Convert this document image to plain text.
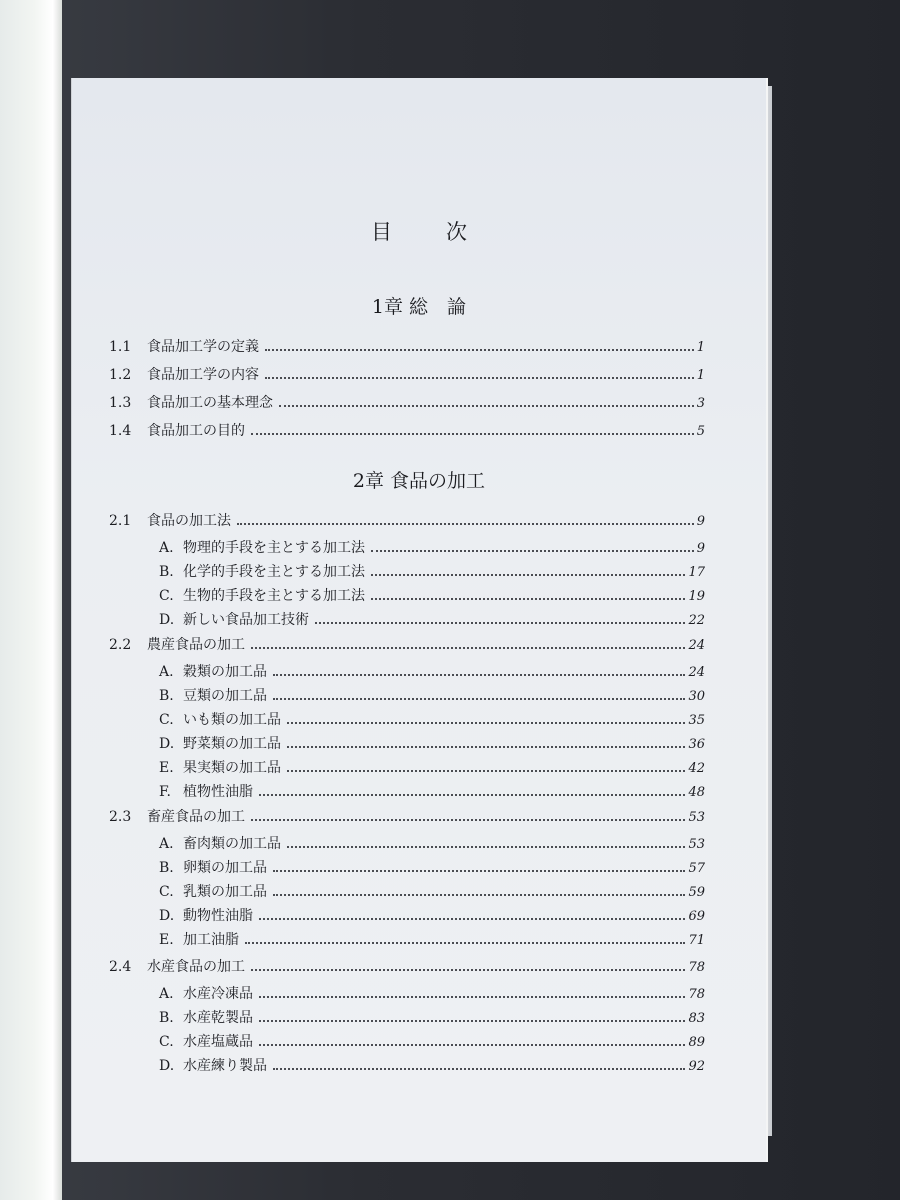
目次
1章 総　論
1.1	食品加工学の定義	1
1.2	食品加工学の内容	1
1.3	食品加工の基本理念	3
1.4	食品加工の目的	5
2章 食品の加工
2.1	食品の加工法	9
A. 物理的手段を主とする加工法	9
B. 化学的手段を主とする加工法	17
C. 生物的手段を主とする加工法	19
D. 新しい食品加工技術	22
2.2	農産食品の加工	24
A. 穀類の加工品	24
B. 豆類の加工品	30
C. いも類の加工品	35
D. 野菜類の加工品	36
E. 果実類の加工品	42
F. 植物性油脂	48
2.3	畜産食品の加工	53
A. 畜肉類の加工品	53
B. 卵類の加工品	57
C. 乳類の加工品	59
D. 動物性油脂	69
E. 加工油脂	71
2.4	水産食品の加工	78
A. 水産冷凍品	78
B. 水産乾製品	83
C. 水産塩蔵品	89
D. 水産練り製品	92
